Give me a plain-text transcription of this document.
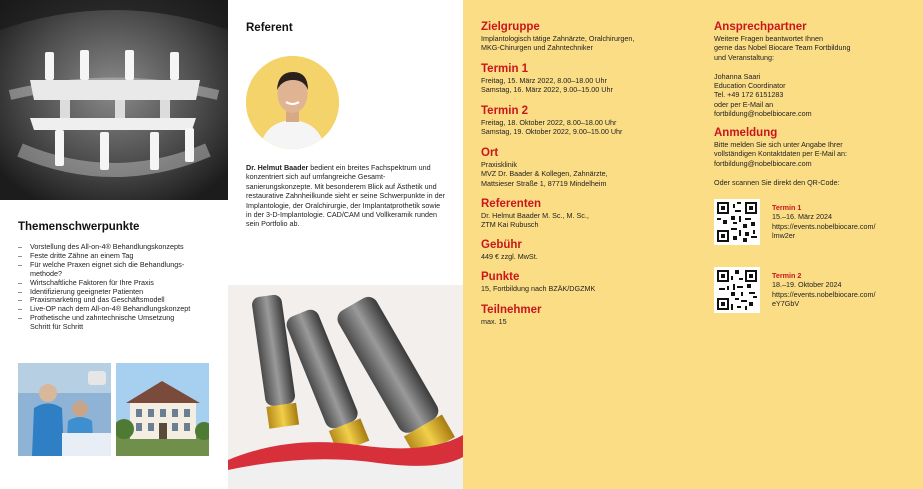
Themenschwerpunkte
– Vorstellung des All-on-4® Behandlungskonzepts
– Feste dritte Zähne an einem Tag
– Für welche Praxen eignet sich die Behandlungs-
methode?
– Wirtschaftliche Faktoren für Ihre Praxis
– Identifizierung geeigneter Patienten
– Praxismarketing und das Geschäftsmodell
– Live-OP nach dem All-on-4® Behandlungskonzept
– Prothetische und zahntechnische Umsetzung
Schritt für Schritt
Referent

Dr. Helmut Baader bedient ein breites Fachspektrum und konzentriert sich auf umfangreiche Gesamt-sanierungskonzepte. Mit besonderem Blick auf Ästhetik und restaurative Zahnheilkunde sieht er seine Schwerpunkte in der Implantologie, der Oralchirurgie, der Implantatprothetik sowie in der 3-D-Implantologie. CAD/CAM und Vollkeramik runden sein Portfolio ab.

Zielgruppe

Implantologisch tätige Zahnärzte, Oralchirurgen,

MKG-Chirurgen und Zahntechniker

Termin 1

Freitag, 15. März 2022, 8.00–18.00 Uhr

Samstag, 16. März 2022, 9.00–15.00 Uhr

Termin 2

Freitag, 18. Oktober 2022, 8.00–18.00 Uhr

Samstag, 19. Oktober 2022, 9.00–15.00 Uhr

Ort

Praxisklinik

MVZ Dr. Baader & Kollegen, Zahnärzte,

Mattsieser Straße 1, 87719 Mindelheim

Referenten

Dr. Helmut Baader M. Sc., M. Sc.,

ZTM Kai Rubusch

Gebühr

449 € zzgl. MwSt.

Punkte

15, Fortbildung nach BZÄK/DGZMK

Teilnehmer

max. 15

Ansprechpartner

Weitere Fragen beantwortet Ihnen

gerne das Nobel Biocare Team Fortbildung

und Veranstaltung:

Johanna Saari

Education Coordinator

Tel. +49 172 6151283

oder per E-Mail an

fortbildung@nobelbiocare.com

Anmeldung

Bitte melden Sie sich unter Angabe Ihrer

vollständigen Kontaktdaten per E-Mail an:

fortbildung@nobelbiocare.com

Oder scannen Sie direkt den QR-Code:

Termin 1

15.–16. März 2024

https://events.nobelbiocare.com/

lmw2er

Termin 2

18.–19. Oktober 2024

https://events.nobelbiocare.com/

eY7GbV
